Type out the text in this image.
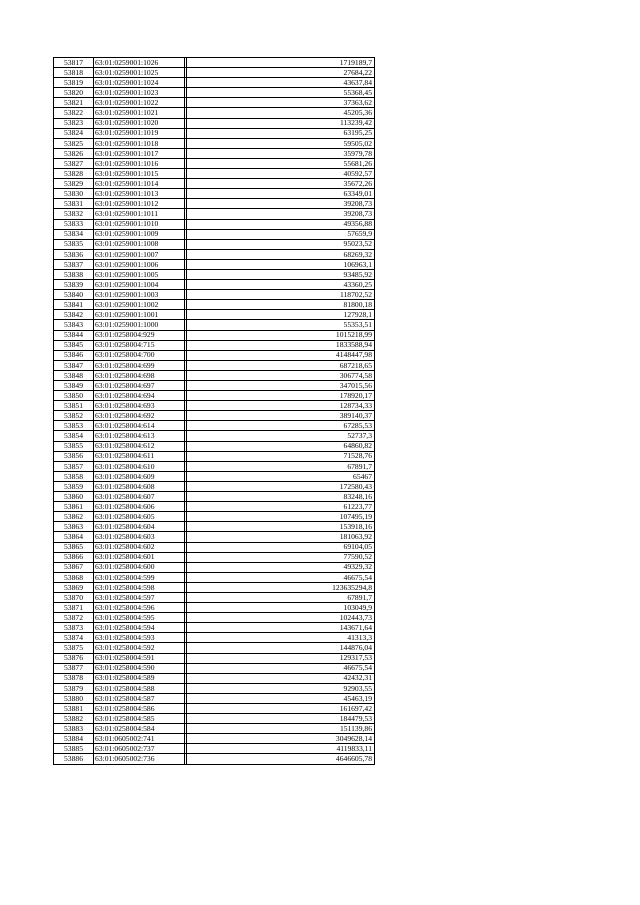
53817	63:01:0259001:1026		1719189,7
53818	63:01:0259001:1025		27684,22
53819	63:01:0259001:1024		43637,84
53820	63:01:0259001:1023		55368,45
53821	63:01:0259001:1022		37363,62
53822	63:01:0259001:1021		45205,36
53823	63:01:0259001:1020		113239,42
53824	63:01:0259001:1019		63195,25
53825	63:01:0259001:1018		59505,02
53826	63:01:0259001:1017		35979,78
53827	63:01:0259001:1016		55681,26
53828	63:01:0259001:1015		40592,57
53829	63:01:0259001:1014		35672,26
53830	63:01:0259001:1013		63349,01
53831	63:01:0259001:1012		39208,73
53832	63:01:0259001:1011		39208,73
53833	63:01:0259001:1010		49356,88
53834	63:01:0259001:1009		57659,9
53835	63:01:0259001:1008		95023,52
53836	63:01:0259001:1007		68269,32
53837	63:01:0259001:1006		106963,1
53838	63:01:0259001:1005		93485,92
53839	63:01:0259001:1004		43360,25
53840	63:01:0259001:1003		118702,52
53841	63:01:0259001:1002		81800,18
53842	63:01:0259001:1001		127928,1
53843	63:01:0259001:1000		55353,51
53844	63:01:0258004:929		1015218,99
53845	63:01:0258004:715		1833588,94
53846	63:01:0258004:700		4148447,98
53847	63:01:0258004:699		687218,65
53848	63:01:0258004:698		306774,58
53849	63:01:0258004:697		347015,56
53850	63:01:0258004:694		178920,17
53851	63:01:0258004:693		128734,33
53852	63:01:0258004:692		389140,37
53853	63:01:0258004:614		67285,53
53854	63:01:0258004:613		52737,3
53855	63:01:0258004:612		64860,82
53856	63:01:0258004:611		71528,76
53857	63:01:0258004:610		67891,7
53858	63:01:0258004:609		65467
53859	63:01:0258004:608		172580,43
53860	63:01:0258004:607		83248,16
53861	63:01:0258004:606		61223,77
53862	63:01:0258004:605		107495,19
53863	63:01:0258004:604		153918,16
53864	63:01:0258004:603		181063,92
53865	63:01:0258004:602		69104,05
53866	63:01:0258004:601		77590,52
53867	63:01:0258004:600		49329,32
53868	63:01:0258004:599		46675,54
53869	63:01:0258004:598		123635294,8
53870	63:01:0258004:597		67891,7
53871	63:01:0258004:596		103049,9
53872	63:01:0258004:595		102443,73
53873	63:01:0258004:594		143671,64
53874	63:01:0258004:593		41313,3
53875	63:01:0258004:592		144876,04
53876	63:01:0258004:591		129317,53
53877	63:01:0258004:590		46675,54
53878	63:01:0258004:589		42432,31
53879	63:01:0258004:588		92903,55
53880	63:01:0258004:587		45463,19
53881	63:01:0258004:586		161697,42
53882	63:01:0258004:585		184479,53
53883	63:01:0258004:584		151139,86
53884	63:01:0605002:741		3049628,14
53885	63:01:0605002:737		4119833,11
53886	63:01:0605002:736		4646605,78
